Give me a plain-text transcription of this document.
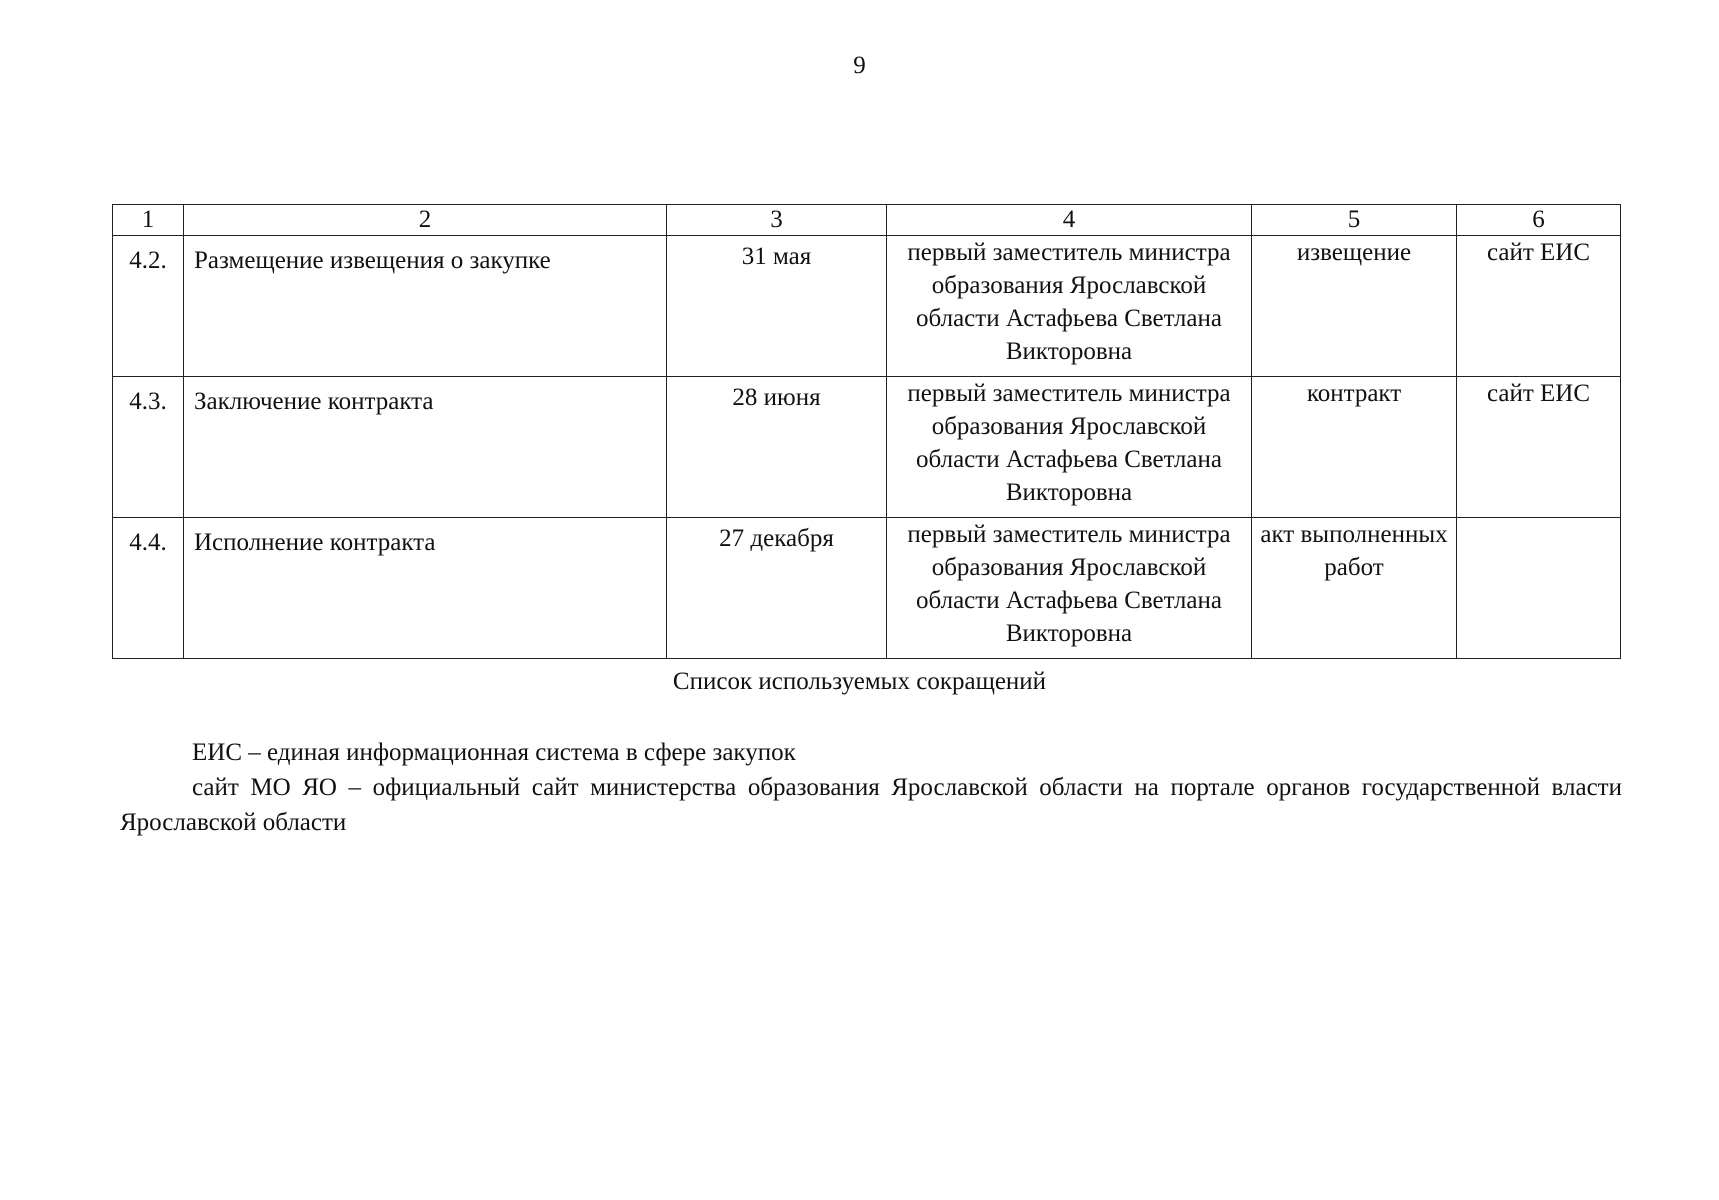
9
1	2	3	4	5	6
4.2.	Размещение извещения о закупке	31 мая	первый заместитель министра образования Ярославской области Астафьева Светлана Викторовна	извещение	сайт ЕИС
4.3.	Заключение контракта	28 июня	первый заместитель министра образования Ярославской области Астафьева Светлана Викторовна	контракт	сайт ЕИС
4.4.	Исполнение контракта	27 декабря	первый заместитель министра образования Ярославской области Астафьева Светлана Викторовна	акт выполненных работ	
Список используемых сокращений

ЕИС – единая информационная система в сфере закупок

сайт МО ЯО – официальный сайт министерства образования Ярославской области на портале органов государственной власти Ярославской области
